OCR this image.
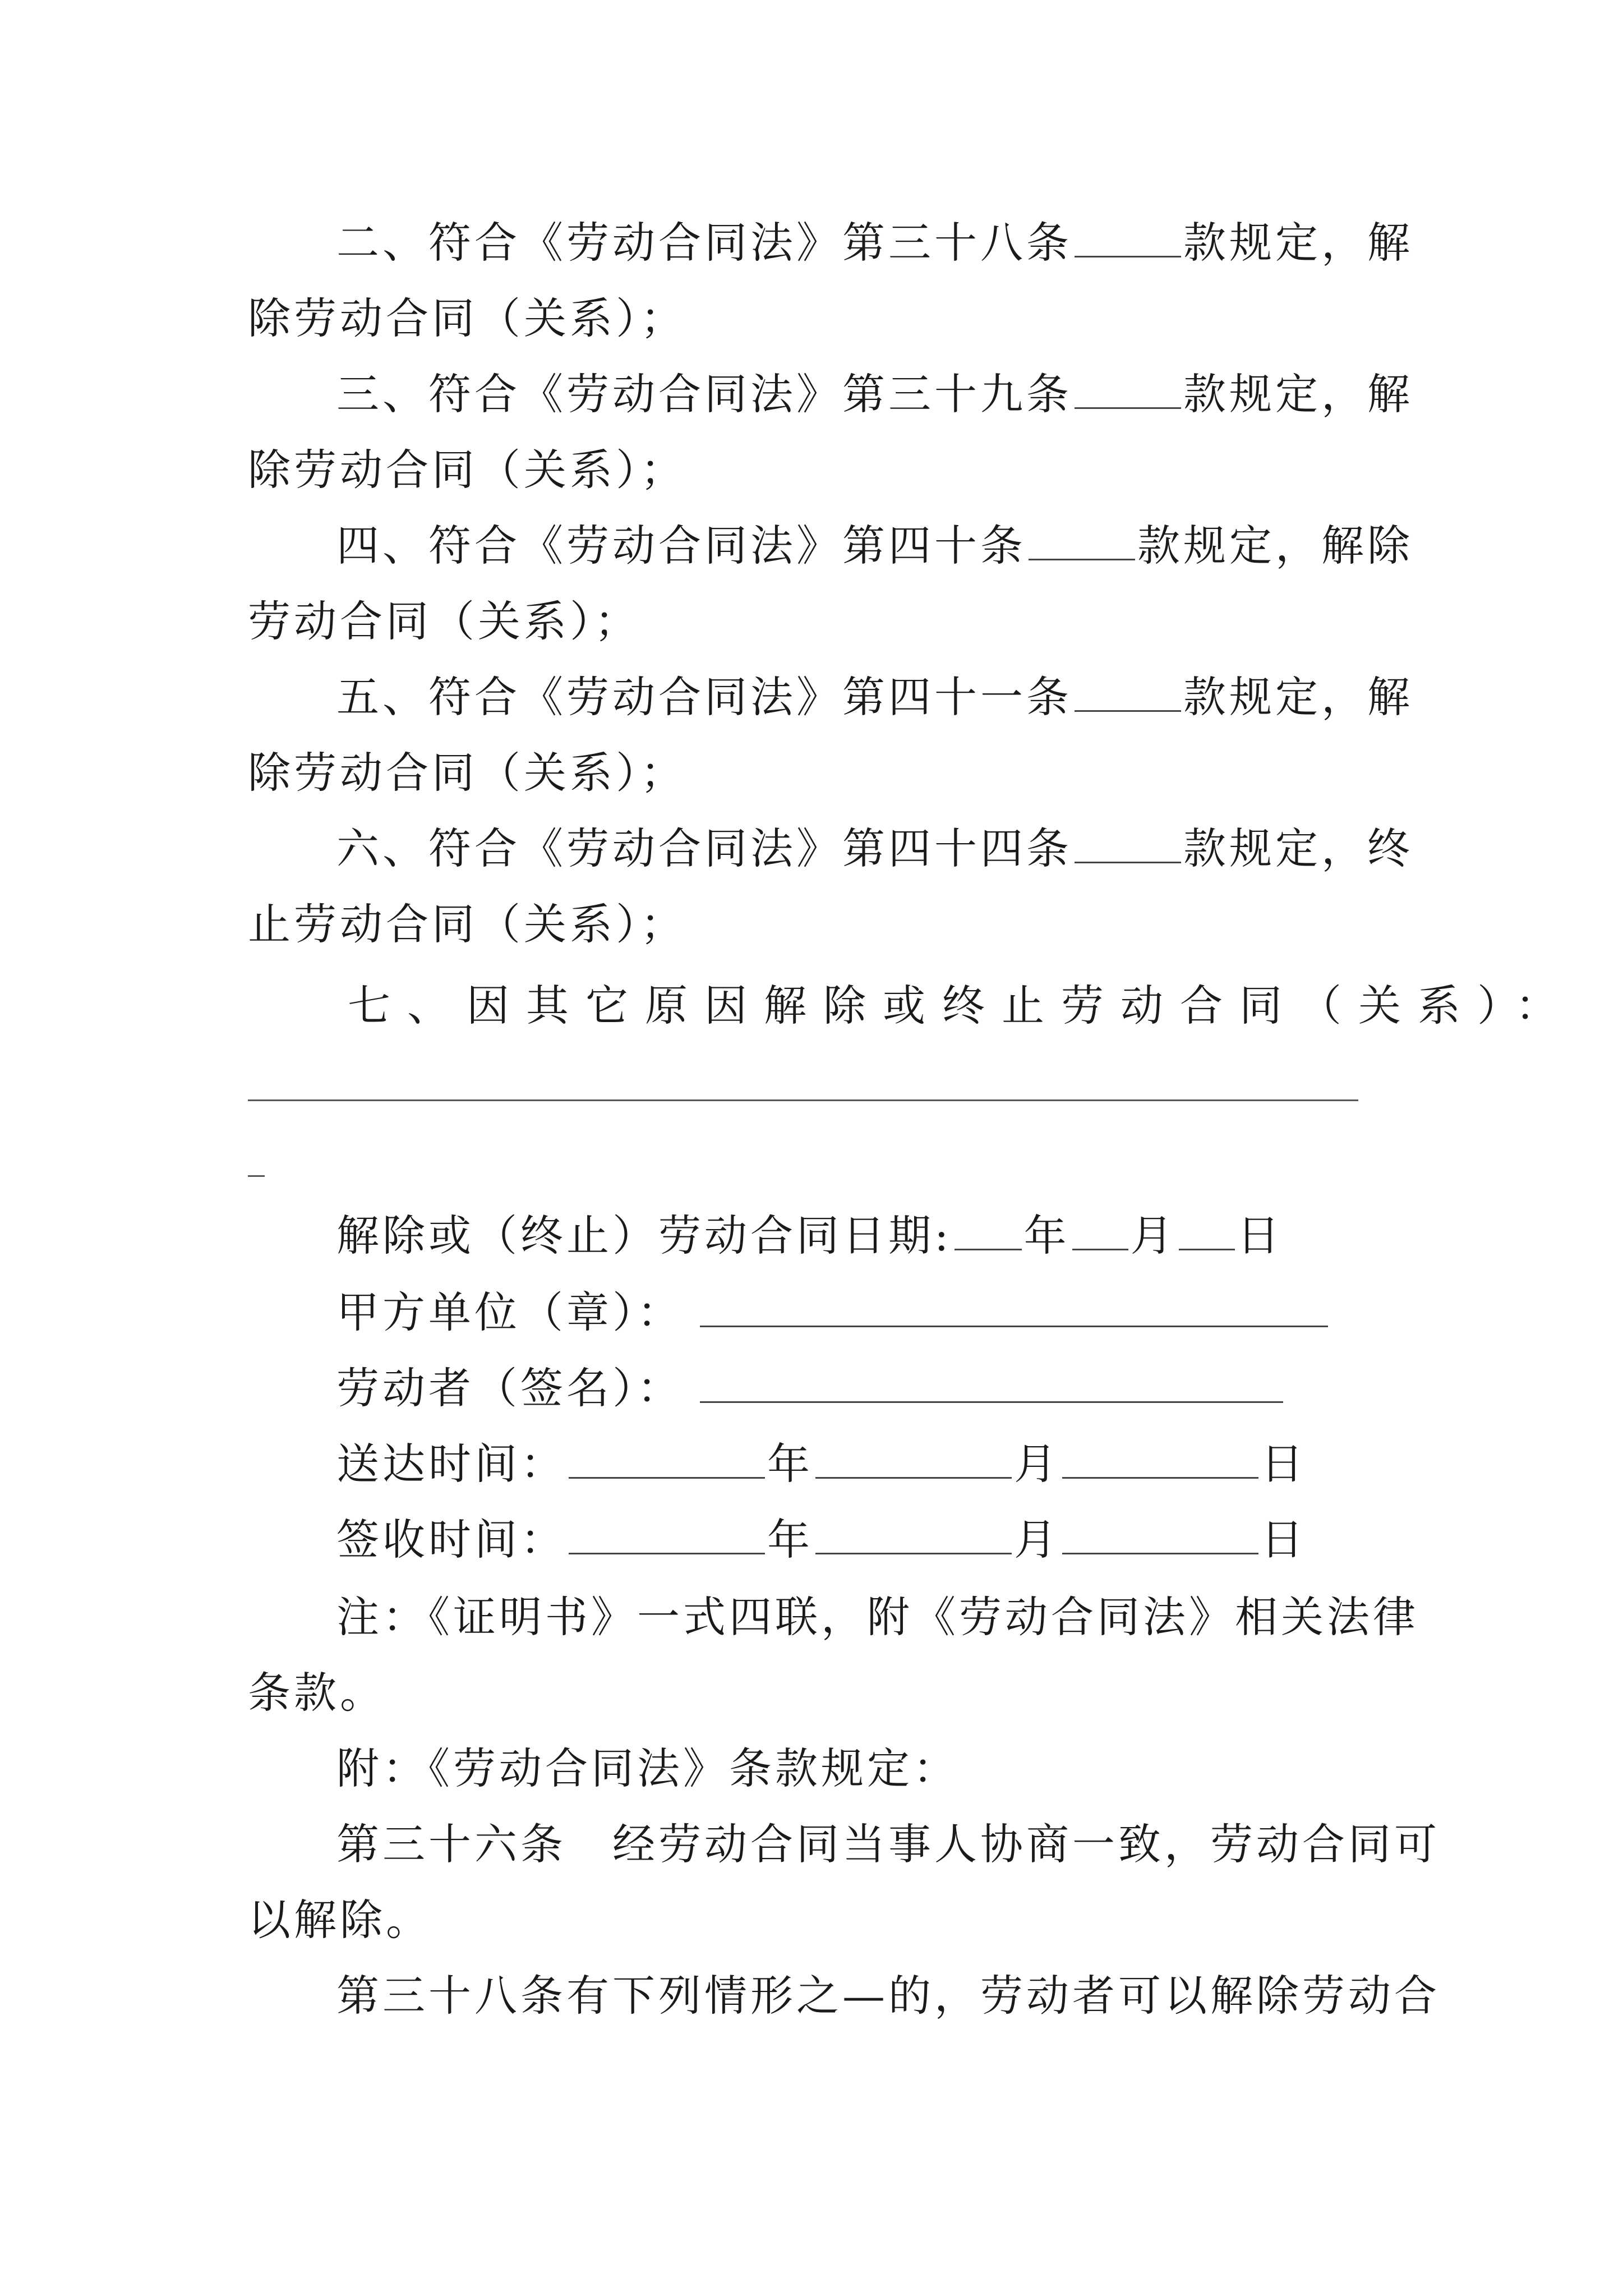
二、符合《劳动合同法》第三十八条	款规定，解
除劳动合同（关系）；
三、符合《劳动合同法》第三十九条	款规定，解
除劳动合同（关系）；
四、符合《劳动合同法》第四十条	款规定，解除
劳动合同（关系）；
五、符合《劳动合同法》第四十一条	款规定，解
除劳动合同（关系）；
六、符合《劳动合同法》第四十四条	款规定，终
止劳动合同（关系）；
七、因其它原因解除或终止劳动合同（关系）：
解除或（终止）劳动合同日期: 年 月 日
甲方单位（章）：
劳动者（签名）：
送达时间：	年	月	日
签收时间：	年	月	日
注：《证明书》一式四联，附《劳动合同法》相关法律
条款。
附：《劳动合同法》条款规定：
第三十六条　经劳动合同当事人协商一致，劳动合同可
以解除。
第三十八条有下列情形之—的，劳动者可以解除劳动合
